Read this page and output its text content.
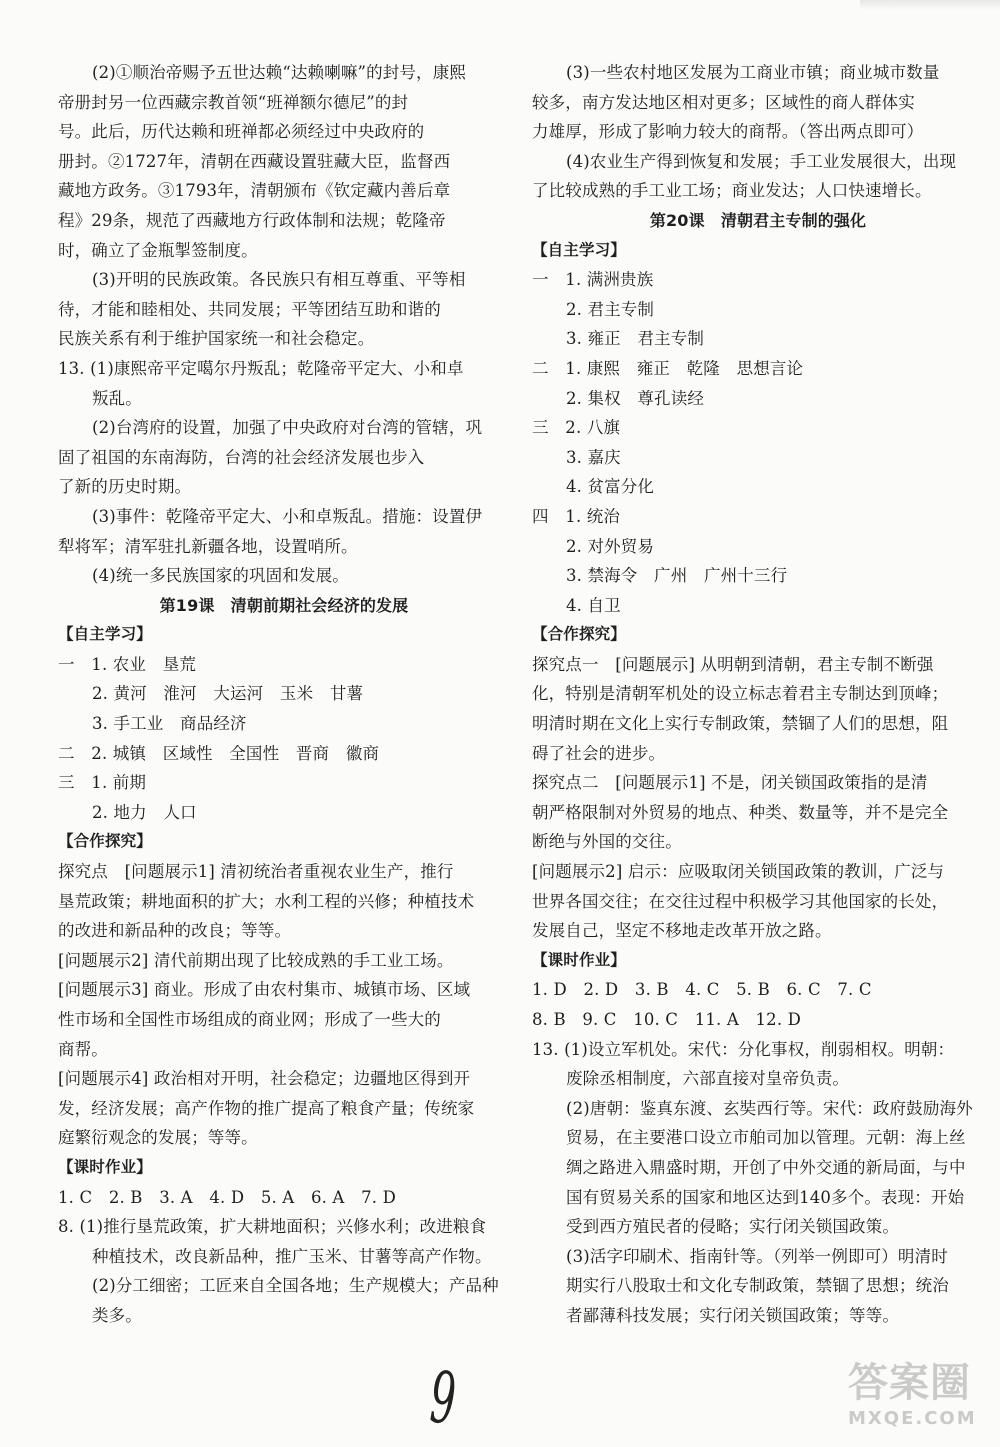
(2)①顺治帝赐予五世达赖“达赖喇嘛”的封号，康熙
帝册封另一位西藏宗教首领“班禅额尔德尼”的封
号。此后，历代达赖和班禅都必须经过中央政府的
册封。②1727年，清朝在西藏设置驻藏大臣，监督西
藏地方政务。③1793年，清朝颁布《钦定藏内善后章
程》29条，规范了西藏地方行政体制和法规；乾隆帝
时，确立了金瓶掣签制度。
(3)开明的民族政策。各民族只有相互尊重、平等相
待，才能和睦相处、共同发展；平等团结互助和谐的
民族关系有利于维护国家统一和社会稳定。
13. (1)康熙帝平定噶尔丹叛乱；乾隆帝平定大、小和卓
叛乱。
(2)台湾府的设置，加强了中央政府对台湾的管辖，巩
固了祖国的东南海防，台湾的社会经济发展也步入
了新的历史时期。
(3)事件：乾隆帝平定大、小和卓叛乱。措施：设置伊
犁将军；清军驻扎新疆各地，设置哨所。
(4)统一多民族国家的巩固和发展。
第19课　清朝前期社会经济的发展
【自主学习】
一　1. 农业　垦荒
2. 黄河　淮河　大运河　玉米　甘薯
3. 手工业　商品经济
二　2. 城镇　区域性　全国性　晋商　徽商
三　1. 前期
2. 地力　人口
【合作探究】
探究点　[问题展示1] 清初统治者重视农业生产，推行
垦荒政策；耕地面积的扩大；水利工程的兴修；种植技术
的改进和新品种的改良；等等。
[问题展示2] 清代前期出现了比较成熟的手工业工场。
[问题展示3] 商业。形成了由农村集市、城镇市场、区域
性市场和全国性市场组成的商业网；形成了一些大的
商帮。
[问题展示4] 政治相对开明，社会稳定；边疆地区得到开
发，经济发展；高产作物的推广提高了粮食产量；传统家
庭繁衍观念的发展；等等。
【课时作业】
1. C　2. B　3. A　4. D　5. A　6. A　7. D
8. (1)推行垦荒政策，扩大耕地面积；兴修水利；改进粮食
种植技术，改良新品种，推广玉米、甘薯等高产作物。
(2)分工细密；工匠来自全国各地；生产规模大；产品种
类多。
(3)一些农村地区发展为工商业市镇；商业城市数量
较多，南方发达地区相对更多；区域性的商人群体实
力雄厚，形成了影响力较大的商帮。（答出两点即可）
(4)农业生产得到恢复和发展；手工业发展很大，出现
了比较成熟的手工业工场；商业发达；人口快速增长。
第20课　清朝君主专制的强化
【自主学习】
一　1. 满洲贵族
2. 君主专制
3. 雍正　君主专制
二　1. 康熙　雍正　乾隆　思想言论
2. 集权　尊孔读经
三　2. 八旗
3. 嘉庆
4. 贫富分化
四　1. 统治
2. 对外贸易
3. 禁海令　广州　广州十三行
4. 自卫
【合作探究】
探究点一　[问题展示] 从明朝到清朝，君主专制不断强
化，特别是清朝军机处的设立标志着君主专制达到顶峰；
明清时期在文化上实行专制政策，禁锢了人们的思想，阻
碍了社会的进步。
探究点二　[问题展示1] 不是，闭关锁国政策指的是清
朝严格限制对外贸易的地点、种类、数量等，并不是完全
断绝与外国的交往。
[问题展示2] 启示：应吸取闭关锁国政策的教训，广泛与
世界各国交往；在交往过程中积极学习其他国家的长处，
发展自己，坚定不移地走改革开放之路。
【课时作业】
1. D　2. D　3. B　4. C　5. B　6. C　7. C
8. B　9. C　10. C　11. A　12. D
13. (1)设立军机处。宋代：分化事权，削弱相权。明朝：
废除丞相制度，六部直接对皇帝负责。
(2)唐朝：鉴真东渡、玄奘西行等。宋代：政府鼓励海外
贸易，在主要港口设立市舶司加以管理。元朝：海上丝
绸之路进入鼎盛时期，开创了中外交通的新局面，与中
国有贸易关系的国家和地区达到140多个。表现：开始
受到西方殖民者的侵略；实行闭关锁国政策。
(3)活字印刷术、指南针等。（列举一例即可）明清时
期实行八股取士和文化专制政策，禁锢了思想；统治
者鄙薄科技发展；实行闭关锁国政策；等等。
9	答案圈
MXQE.COM
